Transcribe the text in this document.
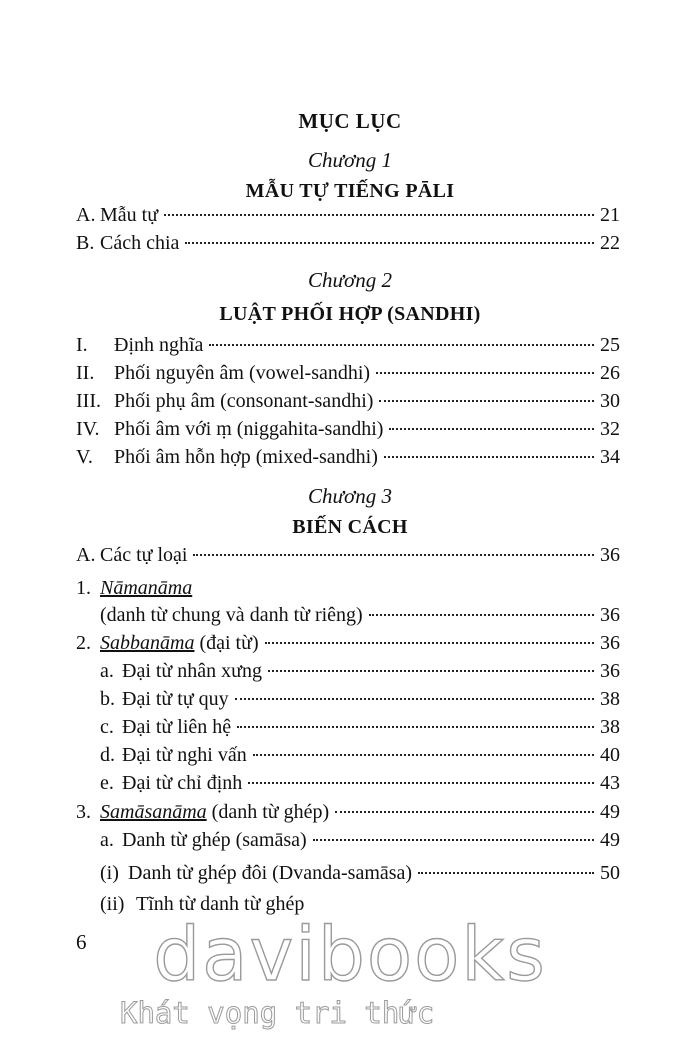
MỤC LỤC
Chương 1
MẪU TỰ TIẾNG PĀLI
A. Mẫu tự	21
B. Cách chia	22
Chương 2
LUẬT PHỐI HỢP (SANDHI)
I.	Định nghĩa	25
II. Phối nguyên âm (vowel-sandhi)	26
III. Phối phụ âm (consonant-sandhi)	30
IV. Phối âm với ṃ (niggahita-sandhi)	32
V.	Phối âm hỗn hợp (mixed-sandhi)	34
Chương 3
BIẾN CÁCH
A. Các tự loại	36
1. Nāmanāma
(danh từ chung và danh từ riêng)	36
2. Sabbanāma (đại từ)	36
a. Đại từ nhân xưng	36
b. Đại từ tự quy	38
c. Đại từ liên hệ	38
d. Đại từ nghi vấn	40
e. Đại từ chỉ định	43
3. Samāsanāma (danh từ ghép)	49
a. Danh từ ghép (samāsa)	49
(i) Danh từ ghép đôi (Dvanda-samāsa)	50
(ii) Tĩnh từ danh từ ghép
6 davibooks
Khát vọng tri thức
